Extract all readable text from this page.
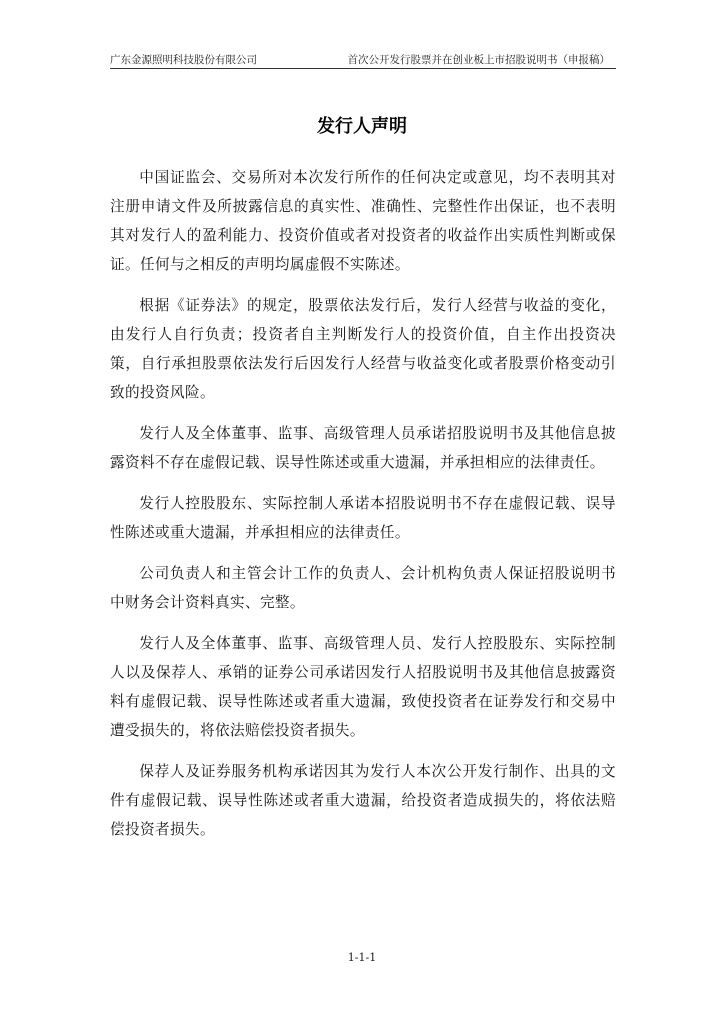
广东金源照明科技股份有限公司	首次公开发行股票并在创业板上市招股说明书（申报稿）
发行人声明

中国证监会、交易所对本次发行所作的任何决定或意见，均不表明其对注册申请文件及所披露信息的真实性、准确性、完整性作出保证，也不表明其对发行人的盈利能力、投资价值或者对投资者的收益作出实质性判断或保证。任何与之相反的声明均属虚假不实陈述。

根据《证券法》的规定，股票依法发行后，发行人经营与收益的变化，由发行人自行负责；投资者自主判断发行人的投资价值，自主作出投资决策，自行承担股票依法发行后因发行人经营与收益变化或者股票价格变动引致的投资风险。

发行人及全体董事、监事、高级管理人员承诺招股说明书及其他信息披露资料不存在虚假记载、误导性陈述或重大遗漏，并承担相应的法律责任。

发行人控股股东、实际控制人承诺本招股说明书不存在虚假记载、误导性陈述或重大遗漏，并承担相应的法律责任。

公司负责人和主管会计工作的负责人、会计机构负责人保证招股说明书中财务会计资料真实、完整。

发行人及全体董事、监事、高级管理人员、发行人控股股东、实际控制人以及保荐人、承销的证券公司承诺因发行人招股说明书及其他信息披露资料有虚假记载、误导性陈述或者重大遗漏，致使投资者在证券发行和交易中遭受损失的，将依法赔偿投资者损失。

保荐人及证券服务机构承诺因其为发行人本次公开发行制作、出具的文件有虚假记载、误导性陈述或者重大遗漏，给投资者造成损失的，将依法赔偿投资者损失。

1-1-1
